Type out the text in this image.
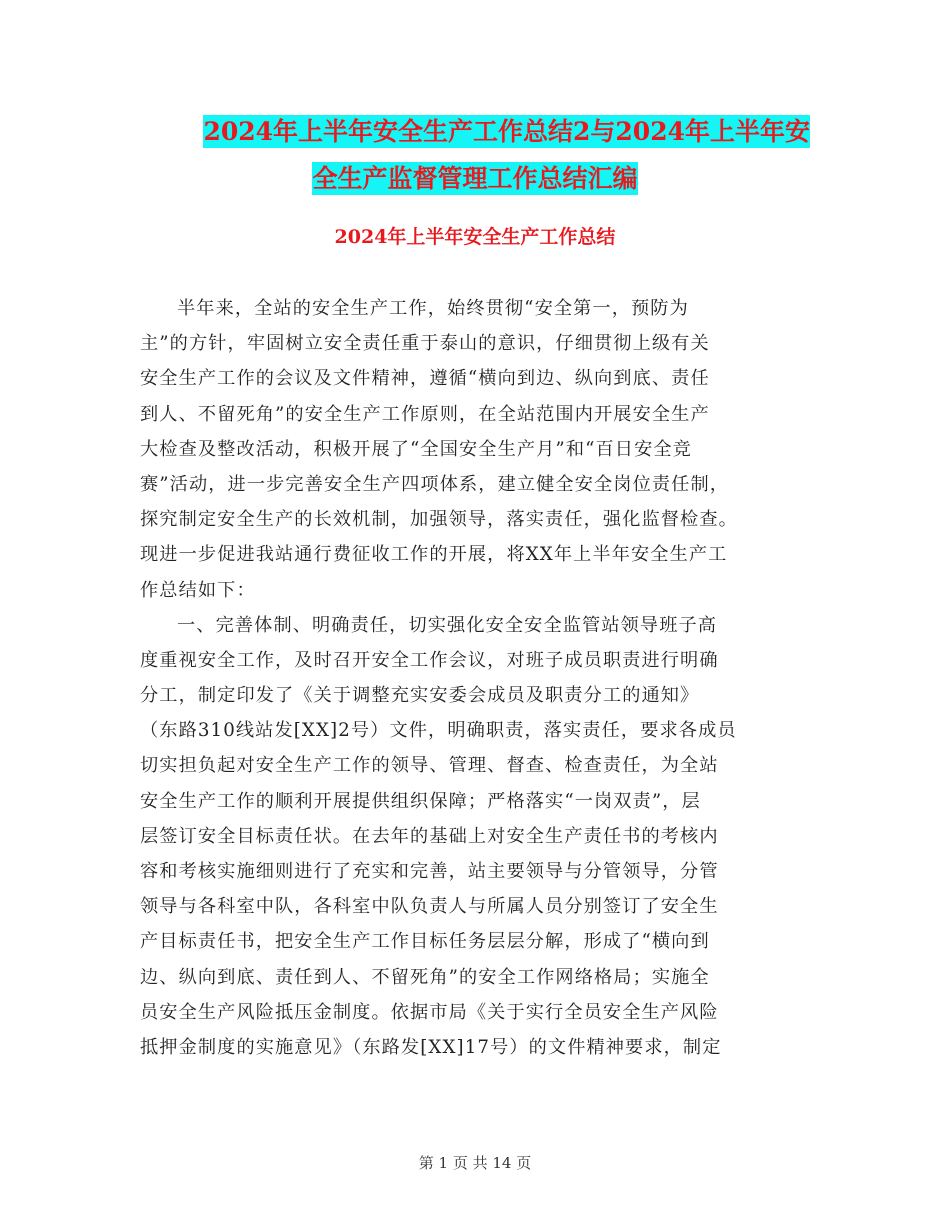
2024年上半年安全生产工作总结2与2024年上半年安
全生产监督管理工作总结汇编
2024年上半年安全生产工作总结
半年来，全站的安全生产工作，始终贯彻“安全第一，预防为
主”的方针，牢固树立安全责任重于泰山的意识，仔细贯彻上级有关
安全生产工作的会议及文件精神，遵循“横向到边、纵向到底、责任
到人、不留死角”的安全生产工作原则，在全站范围内开展安全生产
大检查及整改活动，积极开展了“全国安全生产月”和“百日安全竞
赛”活动，进一步完善安全生产四项体系，建立健全安全岗位责任制，
探究制定安全生产的长效机制，加强领导，落实责任，强化监督检查。
现进一步促进我站通行费征收工作的开展，将XX年上半年安全生产工
作总结如下：
一、完善体制、明确责任，切实强化安全安全监管站领导班子高
度重视安全工作，及时召开安全工作会议，对班子成员职责进行明确
分工，制定印发了《关于调整充实安委会成员及职责分工的通知》
（东路310线站发[XX]2号）文件，明确职责，落实责任，要求各成员
切实担负起对安全生产工作的领导、管理、督查、检查责任，为全站
安全生产工作的顺利开展提供组织保障；严格落实“一岗双责”，层
层签订安全目标责任状。在去年的基础上对安全生产责任书的考核内
容和考核实施细则进行了充实和完善，站主要领导与分管领导，分管
领导与各科室中队，各科室中队负责人与所属人员分别签订了安全生
产目标责任书，把安全生产工作目标任务层层分解，形成了“横向到
边、纵向到底、责任到人、不留死角”的安全工作网络格局；实施全
员安全生产风险抵压金制度。依据市局《关于实行全员安全生产风险
抵押金制度的实施意见》（东路发[XX]17号）的文件精神要求，制定
第 1 页 共 14 页
